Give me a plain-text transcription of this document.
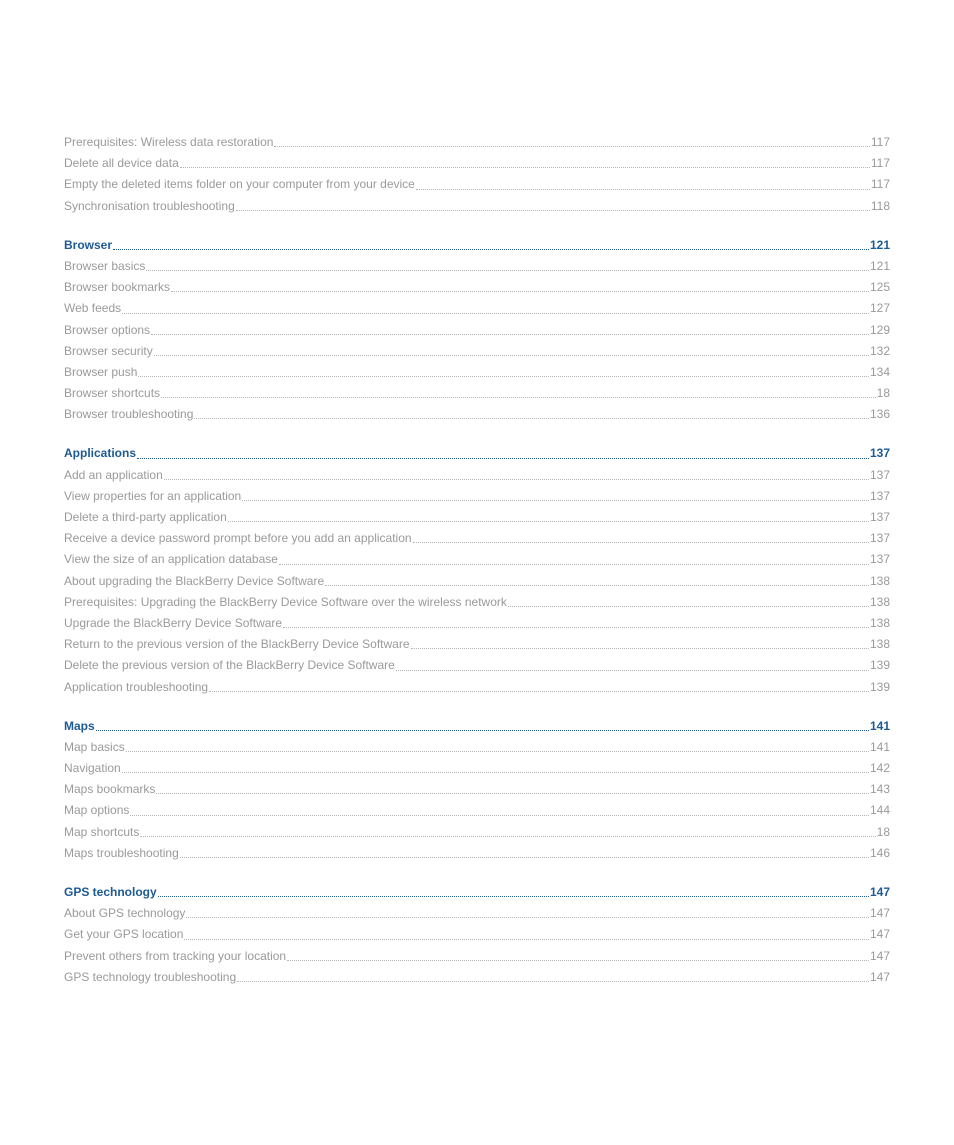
Prerequisites: Wireless data restoration	117
Delete all device data	117
Empty the deleted items folder on your computer from your device	117
Synchronisation troubleshooting	118
Browser	121
Browser basics	121
Browser bookmarks	125
Web feeds	127
Browser options	129
Browser security	132
Browser push	134
Browser shortcuts	18
Browser troubleshooting	136
Applications	137
Add an application	137
View properties for an application	137
Delete a third-party application	137
Receive a device password prompt before you add an application	137
View the size of an application database	137
About upgrading the BlackBerry Device Software	138
Prerequisites: Upgrading the BlackBerry Device Software over the wireless network	138
Upgrade the BlackBerry Device Software	138
Return to the previous version of the BlackBerry Device Software	138
Delete the previous version of the BlackBerry Device Software	139
Application troubleshooting	139
Maps	141
Map basics	141
Navigation	142
Maps bookmarks	143
Map options	144
Map shortcuts	18
Maps troubleshooting	146
GPS technology	147
About GPS technology	147
Get your GPS location	147
Prevent others from tracking your location	147
GPS technology troubleshooting	147
